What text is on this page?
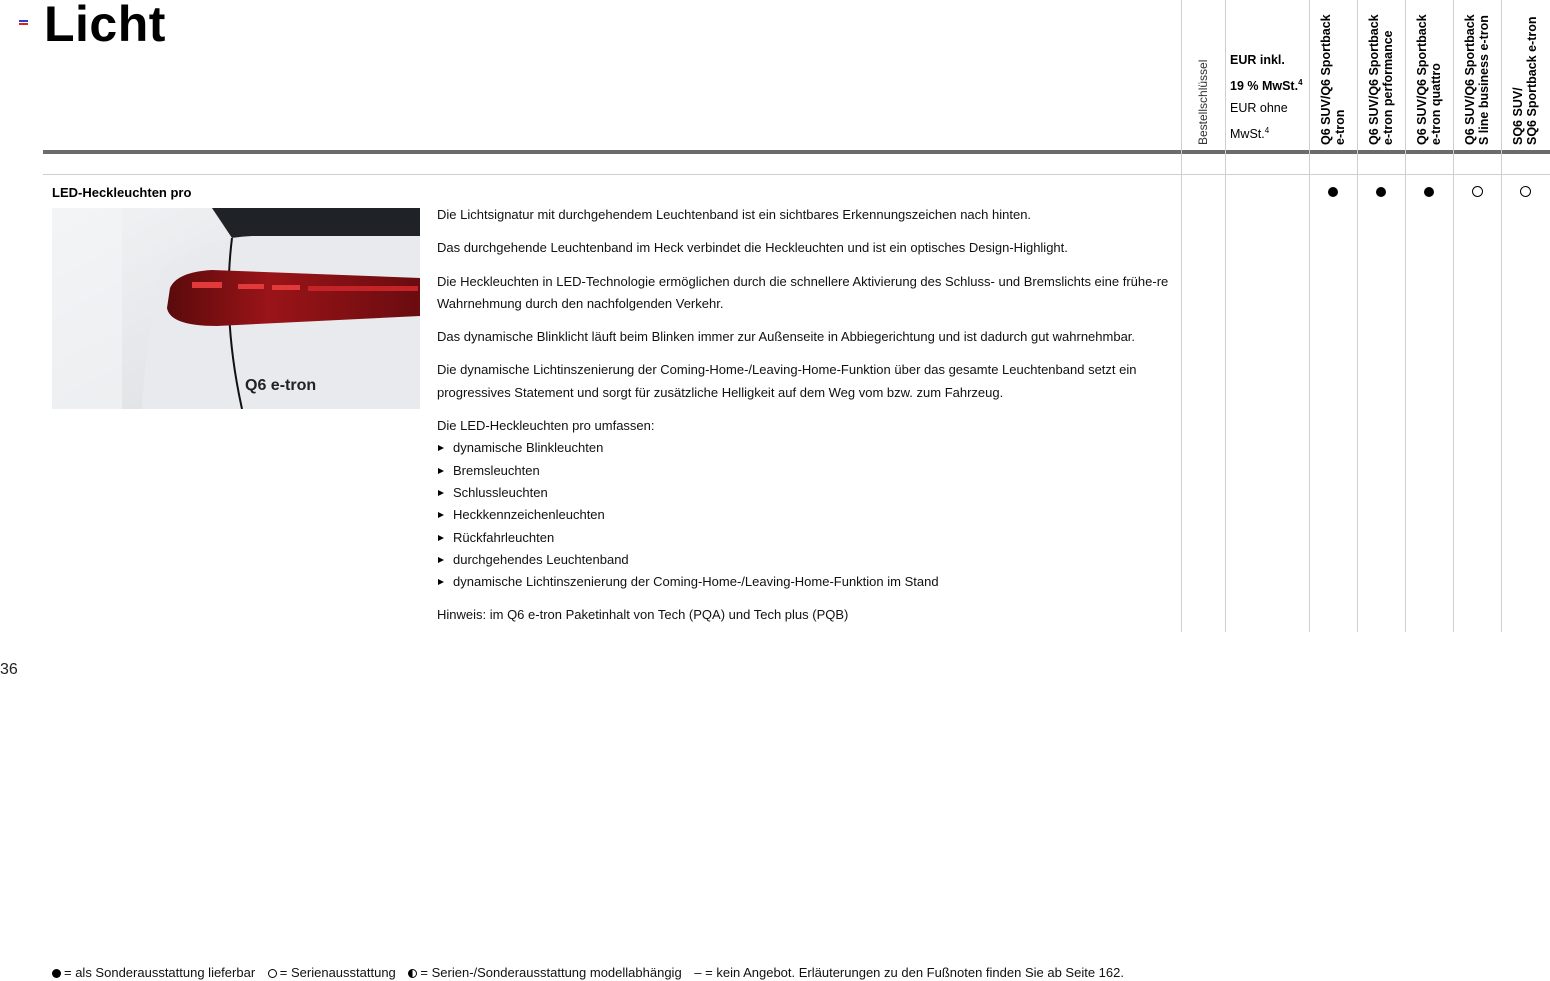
Licht
Bestellschlüssel EUR inkl.
19 % MwSt.$^4$
EUR ohne
MwSt.$^4$	Q6 SUV/Q6 Sportback e-tron Q6 SUV/Q6 Sportback e-tron performance Q6 SUV/Q6 Sportback e-tron quattro Q6 SUV/Q6 Sportback S line business e-tron SQ6 SUV/ SQ6 Sportback e-tron
LED-Heckleuchten pro
Q6 e-tron

Die Lichtsignatur mit durchgehendem Leuchtenband ist ein sichtbares Erkennungszeichen nach hinten.

Das durchgehende Leuchtenband im Heck verbindet die Heckleuchten und ist ein optisches Design-Highlight.

Die Heckleuchten in LED-Technologie ermöglichen durch die schnellere Aktivierung des Schluss- und Bremslichts eine frühe-re Wahrnehmung durch den nachfolgenden Verkehr.

Das dynamische Blinklicht läuft beim Blinken immer zur Außenseite in Abbiegerichtung und ist dadurch gut wahrnehmbar.

Die dynamische Lichtinszenierung der Coming-Home-/Leaving-Home-Funktion über das gesamte Leuchtenband setzt ein progressives Statement und sorgt für zusätzliche Helligkeit auf dem Weg vom bzw. zum Fahrzeug.

Die LED-Heckleuchten pro umfassen:
dynamische Blinkleuchten
Bremsleuchten
Schlussleuchten
Heckkennzeichenleuchten
Rückfahrleuchten
durchgehendes Leuchtenband
dynamische Lichtinszenierung der Coming-Home-/Leaving-Home-Funktion im Stand

Hinweis: im Q6 e-tron Paketinhalt von Tech (PQA) und Tech plus (PQB)

36
= als Sonderausstattung lieferbar = Serienausstattung = Serien-/Sonderausstattung modellabhängig – = kein Angebot. Erläuterungen zu den Fußnoten finden Sie ab Seite 162.
